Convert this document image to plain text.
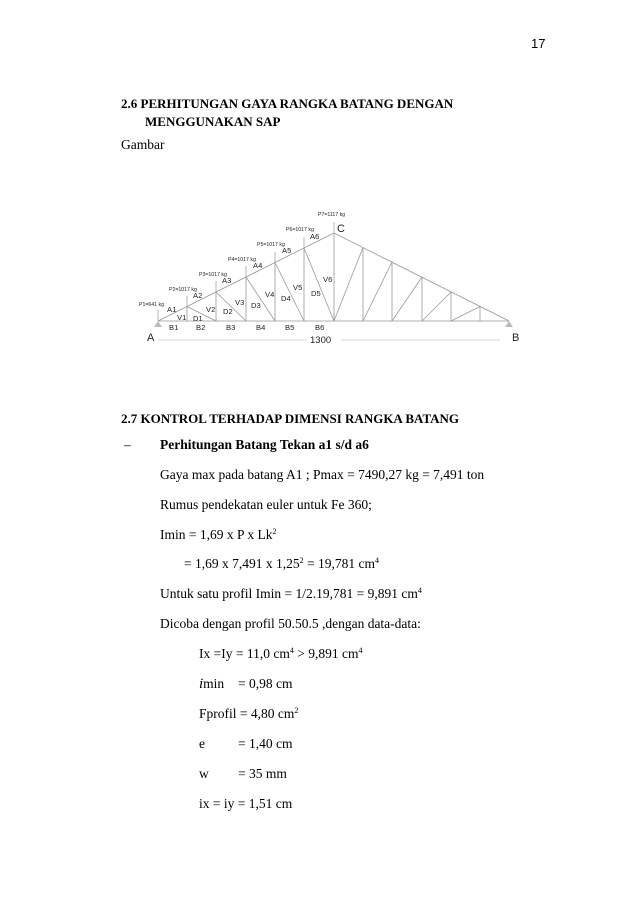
17
2.6 PERHITUNGAN GAYA RANGKA BATANG DENGAN
MENGGUNAKAN SAP
Gambar
P1=641 kg
P2=1017 kg
P3=1017 kg
P4=1017 kg
P5=1017 kg
P6=1017 kg
P7=1117 kg
A1
A2
A3
A4
A5
A6
V1
V2
V3
V4
V5
V6
D1
D2
D3
D4
D5
B1 B2	B3	B4	B5	B6
A	B
C
1300
2.7 KONTROL TERHADAP DIMENSI RANGKA BATANG
– Perhitungan Batang Tekan a1 s/d a6
Gaya max pada batang A1 ; Pmax = 7490,27 kg = 7,491 ton
Rumus pendekatan euler untuk Fe 360;
Imin = 1,69 x P x $Lk^2$
= 1,69 x 7,491 x $1,25^2 = 19,781$ $cm^4$
Untuk satu profil Imin = 1/2.19,781 = 9,891 $cm^4$
Dicoba dengan profil 50.50.5 ,dengan data-data:
Ix =Iy = 11,0 $cm^4 > 9,891$ $cm^4$
imin = 0,98 cm
Fprofil = 4,80 $cm^2$
e = 1,40 cm
w = 35 mm
ix = iy = 1,51 cm
